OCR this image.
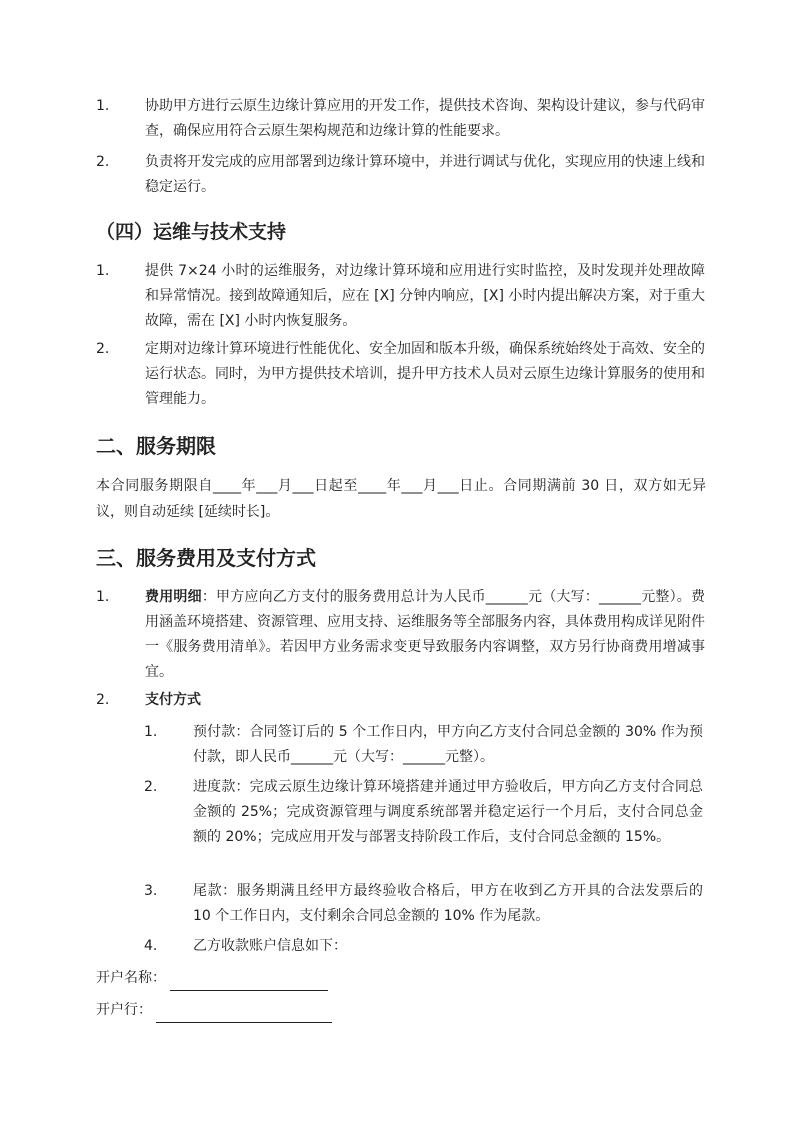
1.	协助甲方进行云原生边缘计算应用的开发工作，提供技术咨询、架构设计建议，参与代码审查，确保应用符合云原生架构规范和边缘计算的性能要求。
2.	负责将开发完成的应用部署到边缘计算环境中，并进行调试与优化，实现应用的快速上线和稳定运行。
（四）运维与技术支持
1.	提供 7×24 小时的运维服务，对边缘计算环境和应用进行实时监控，及时发现并处理故障和异常情况。接到故障通知后，应在 [X] 分钟内响应，[X] 小时内提出解决方案，对于重大故障，需在 [X] 小时内恢复服务。
2.	定期对边缘计算环境进行性能优化、安全加固和版本升级，确保系统始终处于高效、安全的运行状态。同时，为甲方提供技术培训，提升甲方技术人员对云原生边缘计算服务的使用和管理能力。
二、服务期限
本合同服务期限自____年___月___日起至____年___月___日止。合同期满前 30 日，双方如无异议，则自动延续 [延续时长]。
三、服务费用及支付方式
1.	费用明细：甲方应向乙方支付的服务费用总计为人民币______元（大写：______元整）。费用涵盖环境搭建、资源管理、应用支持、运维服务等全部服务内容，具体费用构成详见附件一《服务费用清单》。若因甲方业务需求变更导致服务内容调整，双方另行协商费用增减事宜。
2.	支付方式
1.	预付款：合同签订后的 5 个工作日内，甲方向乙方支付合同总金额的 30% 作为预付款，即人民币______元（大写：______元整）。
2.	进度款：完成云原生边缘计算环境搭建并通过甲方验收后，甲方向乙方支付合同总金额的 25%；完成资源管理与调度系统部署并稳定运行一个月后，支付合同总金额的 20%；完成应用开发与部署支持阶段工作后，支付合同总金额的 15%。
3.	尾款：服务期满且经甲方最终验收合格后，甲方在收到乙方开具的合法发票后的 10 个工作日内，支付剩余合同总金额的 10% 作为尾款。
4.	乙方收款账户信息如下：
开户名称：
开户行：
